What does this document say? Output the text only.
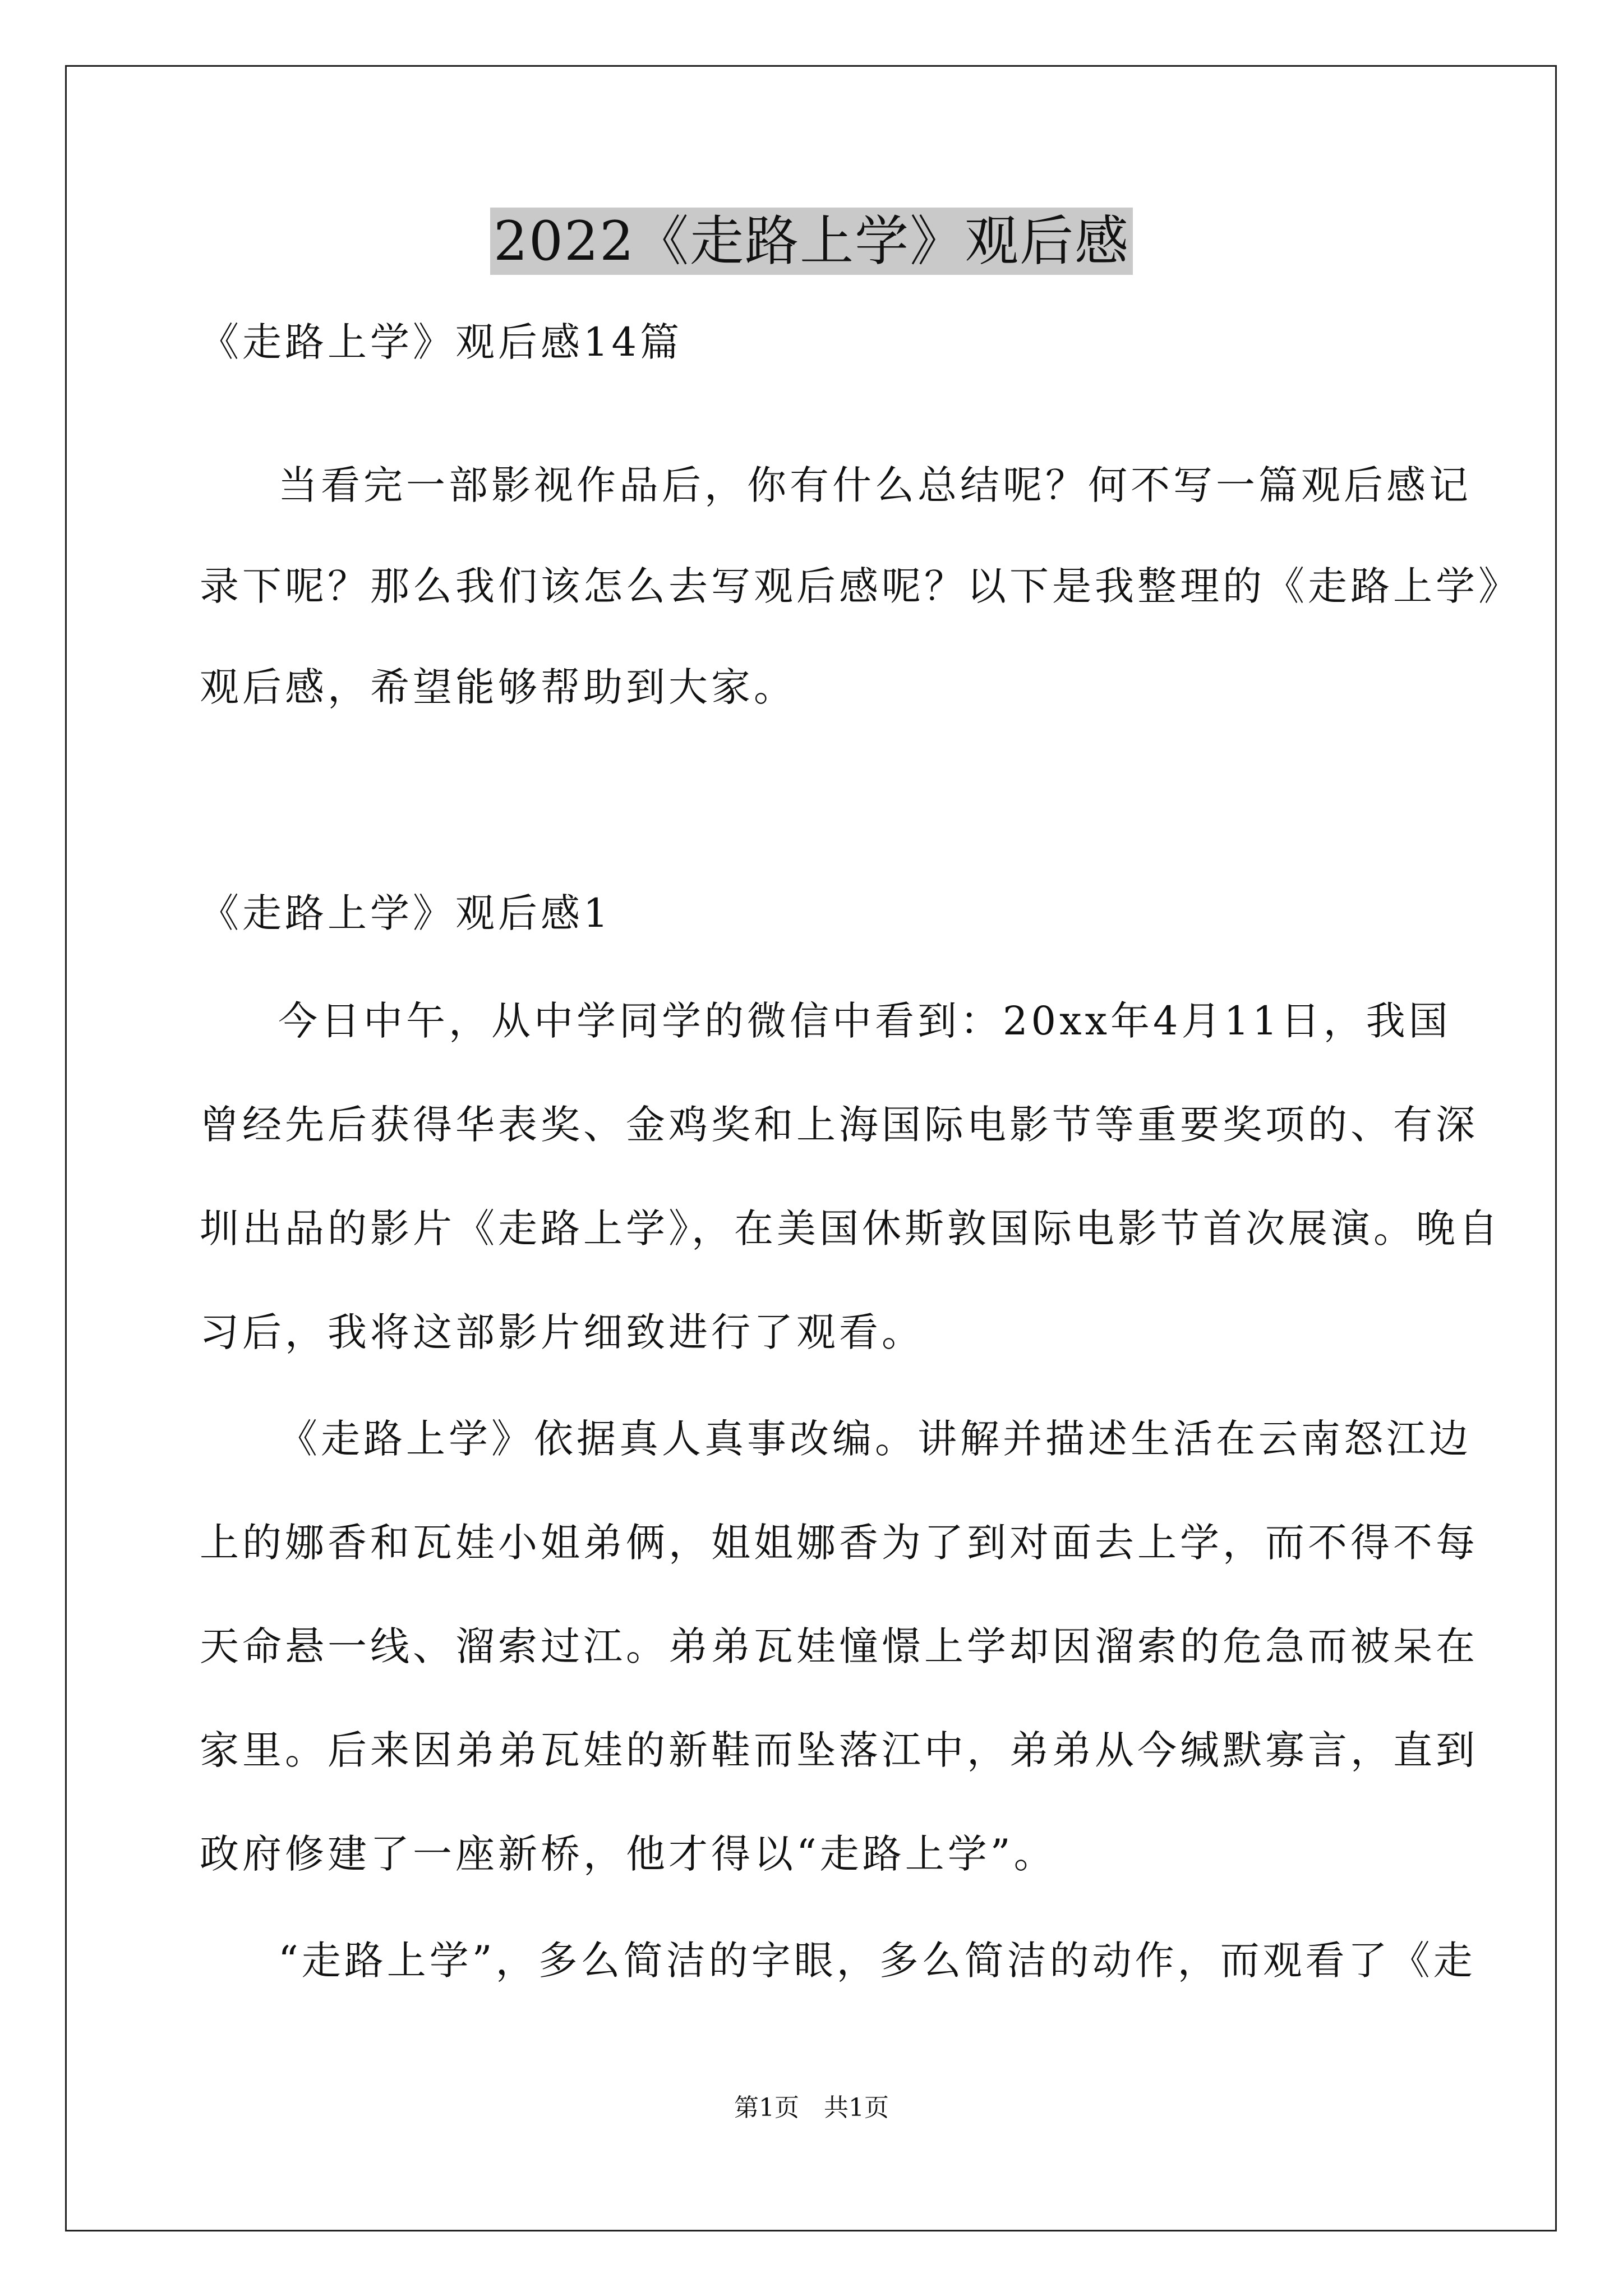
2022《走路上学》观后感
《走路上学》观后感14篇
当看完一部影视作品后，你有什么总结呢？何不写一篇观后感记
录下呢？那么我们该怎么去写观后感呢？以下是我整理的《走路上学》
观后感，希望能够帮助到大家。
《走路上学》观后感1
今日中午，从中学同学的微信中看到：20xx年4月11日，我国
曾经先后获得华表奖、金鸡奖和上海国际电影节等重要奖项的、有深
圳出品的影片《走路上学》，在美国休斯敦国际电影节首次展演。晚自
习后，我将这部影片细致进行了观看。
《走路上学》依据真人真事改编。讲解并描述生活在云南怒江边
上的娜香和瓦娃小姐弟俩，姐姐娜香为了到对面去上学，而不得不每
天命悬一线、溜索过江。弟弟瓦娃憧憬上学却因溜索的危急而被呆在
家里。后来因弟弟瓦娃的新鞋而坠落江中，弟弟从今缄默寡言，直到
政府修建了一座新桥，他才得以“走路上学”。
“走路上学”，多么简洁的字眼，多么简洁的动作，而观看了《走
第1页　共1页
